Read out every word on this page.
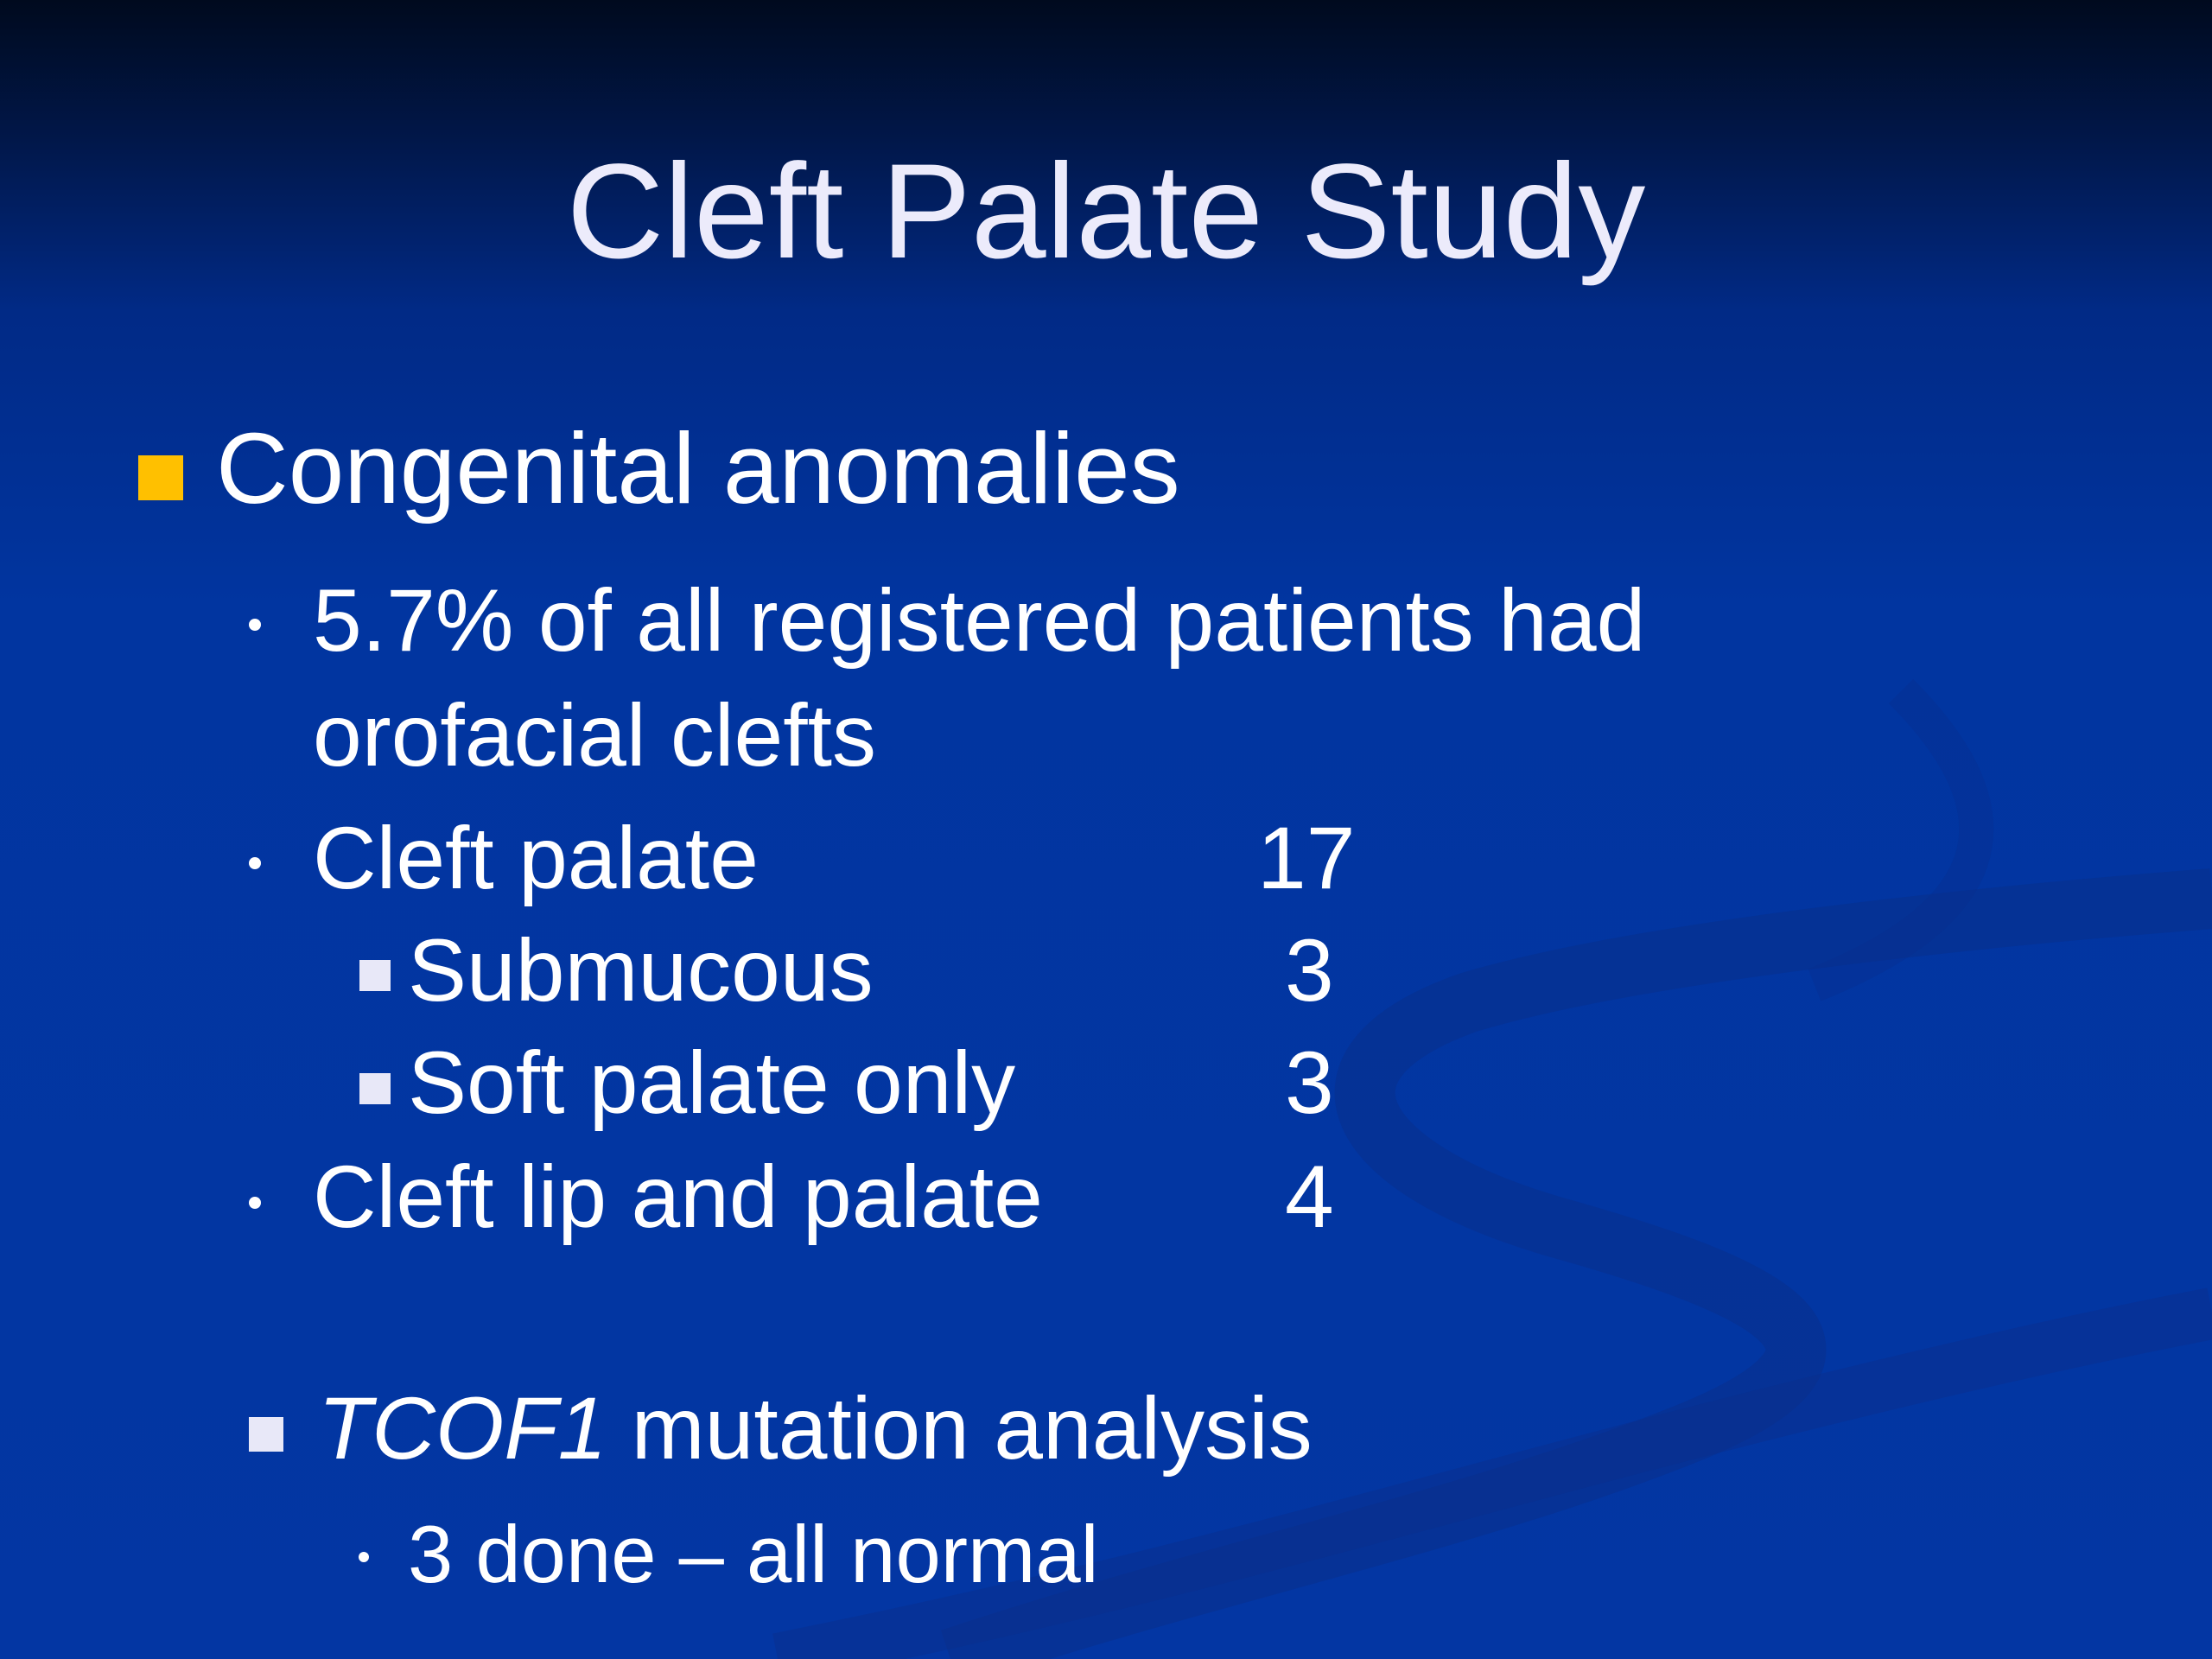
Cleft Palate Study
Congenital anomalies
5.7% of all registered patients had
orofacial clefts
Cleft palate	17
Submucous	3
Soft palate only	3
Cleft lip and palate	4
TCOF1 mutation analysis
3 done – all normal
